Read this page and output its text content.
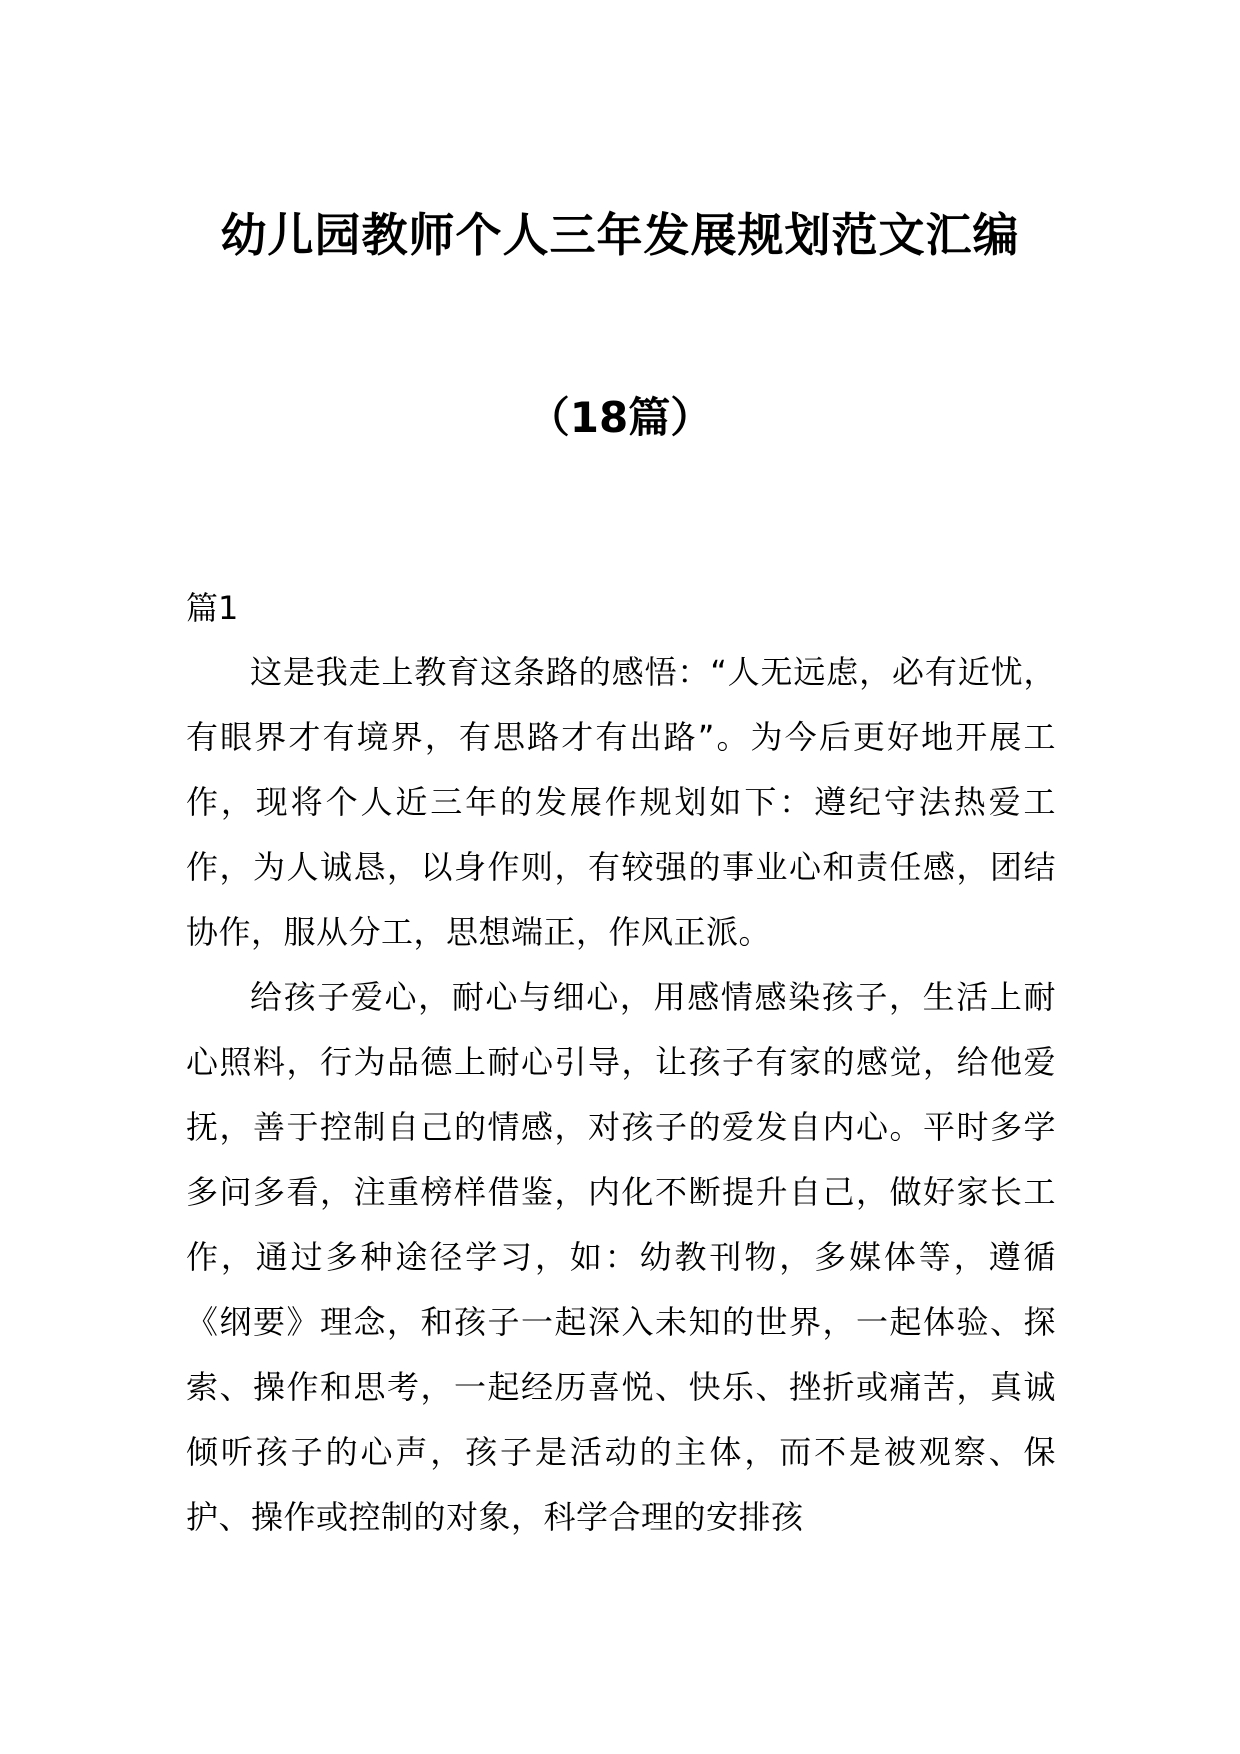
幼儿园教师个人三年发展规划范文汇编
（18篇）

篇1

这是我走上教育这条路的感悟：“人无远虑，必有近忧，有眼界才有境界，有思路才有出路”。为今后更好地开展工作，现将个人近三年的发展作规划如下：遵纪守法热爱工作，为人诚恳，以身作则，有较强的事业心和责任感，团结协作，服从分工，思想端正，作风正派。

给孩子爱心，耐心与细心，用感情感染孩子，生活上耐心照料，行为品德上耐心引导，让孩子有家的感觉，给他爱抚，善于控制自己的情感，对孩子的爱发自内心。平时多学多问多看，注重榜样借鉴，内化不断提升自己，做好家长工作，通过多种途径学习，如：幼教刊物，多媒体等，遵循《纲要》理念，和孩子一起深入未知的世界，一起体验、探索、操作和思考，一起经历喜悦、快乐、挫折或痛苦，真诚倾听孩子的心声，孩子是活动的主体，而不是被观察、保护、操作或控制的对象，科学合理的安排孩
